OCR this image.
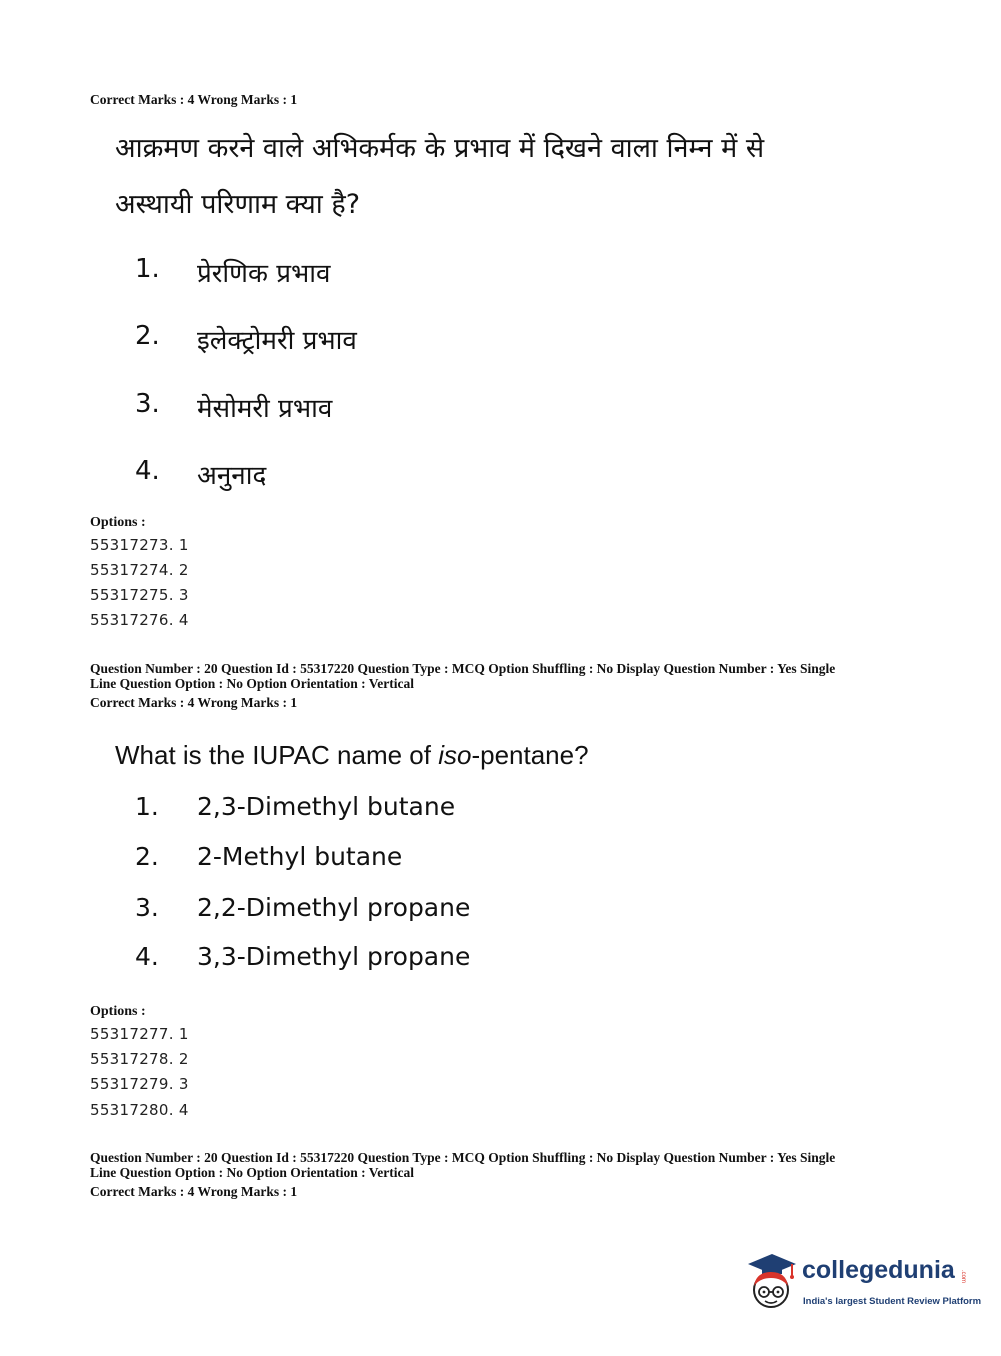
Correct Marks : 4 Wrong Marks : 1
आक्रमण करने वाले अभिकर्मक के प्रभाव में दिखने वाला निम्न में से
अस्थायी परिणाम क्या है?
1. प्रेरणिक प्रभाव
2. इलेक्ट्रोमरी प्रभाव
3. मेसोमरी प्रभाव
4. अनुनाद
Options :
55317273. 1
55317274. 2
55317275. 3
55317276. 4
Question Number : 20 Question Id : 55317220 Question Type : MCQ Option Shuffling : No Display Question Number : Yes Single
Line Question Option : No Option Orientation : Vertical
Correct Marks : 4 Wrong Marks : 1
What is the IUPAC name of iso-pentane?
1. 2,3-Dimethyl butane
2. 2-Methyl butane
3. 2,2-Dimethyl propane
4. 3,3-Dimethyl propane
Options :
55317277. 1
55317278. 2
55317279. 3
55317280. 4
Question Number : 20 Question Id : 55317220 Question Type : MCQ Option Shuffling : No Display Question Number : Yes Single
Line Question Option : No Option Orientation : Vertical
Correct Marks : 4 Wrong Marks : 1
collegedunia .com
India's largest Student Review Platform
